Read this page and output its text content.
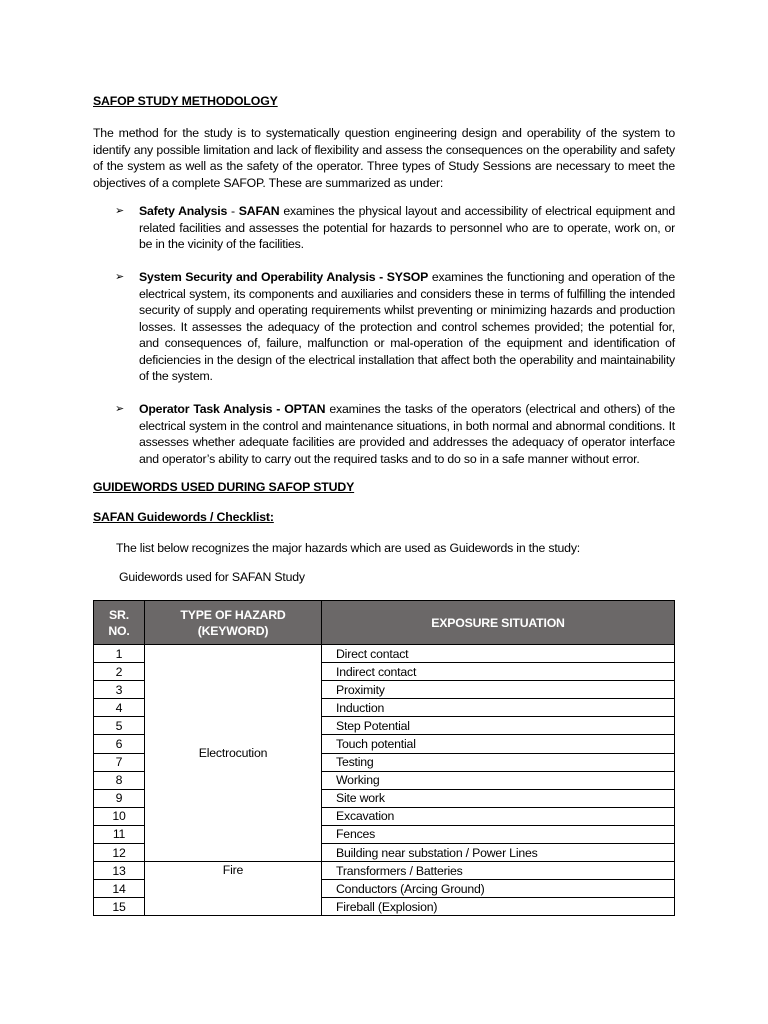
SAFOP STUDY METHODOLOGY
The method for the study is to systematically question engineering design and operability of the system to identify any possible limitation and lack of flexibility and assess the consequences on the operability and safety of the system as well as the safety of the operator. Three types of Study Sessions are necessary to meet the objectives of a complete SAFOP. These are summarized as under:
➢	Safety Analysis - SAFAN examines the physical layout and accessibility of electrical equipment and related facilities and assesses the potential for hazards to personnel who are to operate, work on, or be in the vicinity of the facilities.
➢	System Security and Operability Analysis - SYSOP examines the functioning and operation of the electrical system, its components and auxiliaries and considers these in terms of fulfilling the intended security of supply and operating requirements whilst preventing or minimizing hazards and production losses. It assesses the adequacy of the protection and control schemes provided; the potential for, and consequences of, failure, malfunction or mal-operation of the equipment and identification of deficiencies in the design of the electrical installation that affect both the operability and maintainability of the system.
➢	Operator Task Analysis - OPTAN examines the tasks of the operators (electrical and others) of the electrical system in the control and maintenance situations, in both normal and abnormal conditions. It assesses whether adequate facilities are provided and addresses the adequacy of operator interface and operator’s ability to carry out the required tasks and to do so in a safe manner without error.
GUIDEWORDS USED DURING SAFOP STUDY
SAFAN Guidewords / Checklist:
The list below recognizes the major hazards which are used as Guidewords in the study:
Guidewords used for SAFAN Study
SR. NO.	TYPE OF HAZARD (KEYWORD)	EXPOSURE SITUATION
1	Electrocution	Direct contact
2		Indirect contact
3		Proximity
4		Induction
5		Step Potential
6		Touch potential
7		Testing
8		Working
9		Site work
10		Excavation
11		Fences
12		Building near substation / Power Lines
13	Fire	Transformers / Batteries
14		Conductors (Arcing Ground)
15		Fireball (Explosion)
